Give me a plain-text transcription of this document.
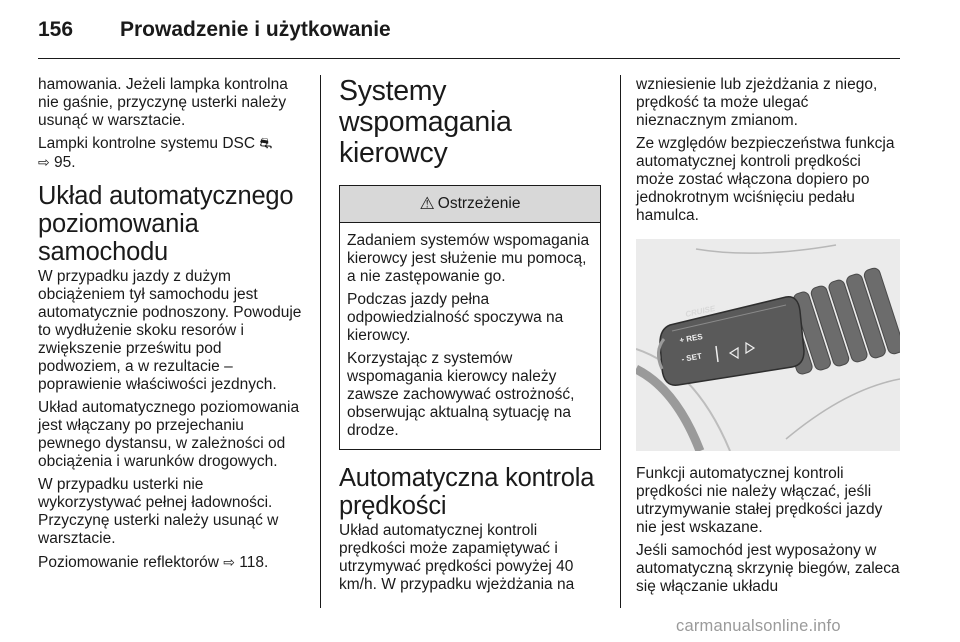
156 Prowadzenie i użytkowanie
hamowania. Jeżeli lampka kontrolna nie gaśnie, przyczynę usterki należy usunąć w warsztacie.
Lampki kontrolne systemu DSC ⛐
⇨ 95.
Układ automatycznego poziomowania samochodu
W przypadku jazdy z dużym obciążeniem tył samochodu jest automatycznie podnoszony. Powoduje to wydłużenie skoku resorów i zwiększenie prześwitu pod podwoziem, a w rezultacie – poprawienie właściwości jezdnych.
Układ automatycznego poziomowania jest włączany po przejechaniu pewnego dystansu, w zależności od obciążenia i warunków drogowych.
W przypadku usterki nie wykorzystywać pełnej ładowności. Przyczynę usterki należy usunąć w warsztacie.
Poziomowanie reflektorów ⇨ 118.
Systemy wspomagania kierowcy
⚠ Ostrzeżenie
Zadaniem systemów wspomagania kierowcy jest służenie mu pomocą, a nie zastępowanie go.
Podczas jazdy pełna odpowiedzialność spoczywa na kierowcy.
Korzystając z systemów wspomagania kierowcy należy zawsze zachowywać ostrożność, obserwując aktualną sytuację na drodze.
Automatyczna kontrola prędkości
Układ automatycznej kontroli prędkości może zapamiętywać i utrzymywać prędkości powyżej 40 km/h. W przypadku wjeżdżania na
wzniesienie lub zjeżdżania z niego, prędkość ta może ulegać nieznacznym zmianom.
Ze względów bezpieczeństwa funkcja automatycznej kontroli prędkości może zostać włączona dopiero po jednokrotnym wciśnięciu pedału hamulca.
CRUISE
+ RES
- SET
Funkcji automatycznej kontroli prędkości nie należy włączać, jeśli utrzymywanie stałej prędkości jazdy nie jest wskazane.
Jeśli samochód jest wyposażony w automatyczną skrzynię biegów, zaleca się włączanie układu
carmanualsonline.info
